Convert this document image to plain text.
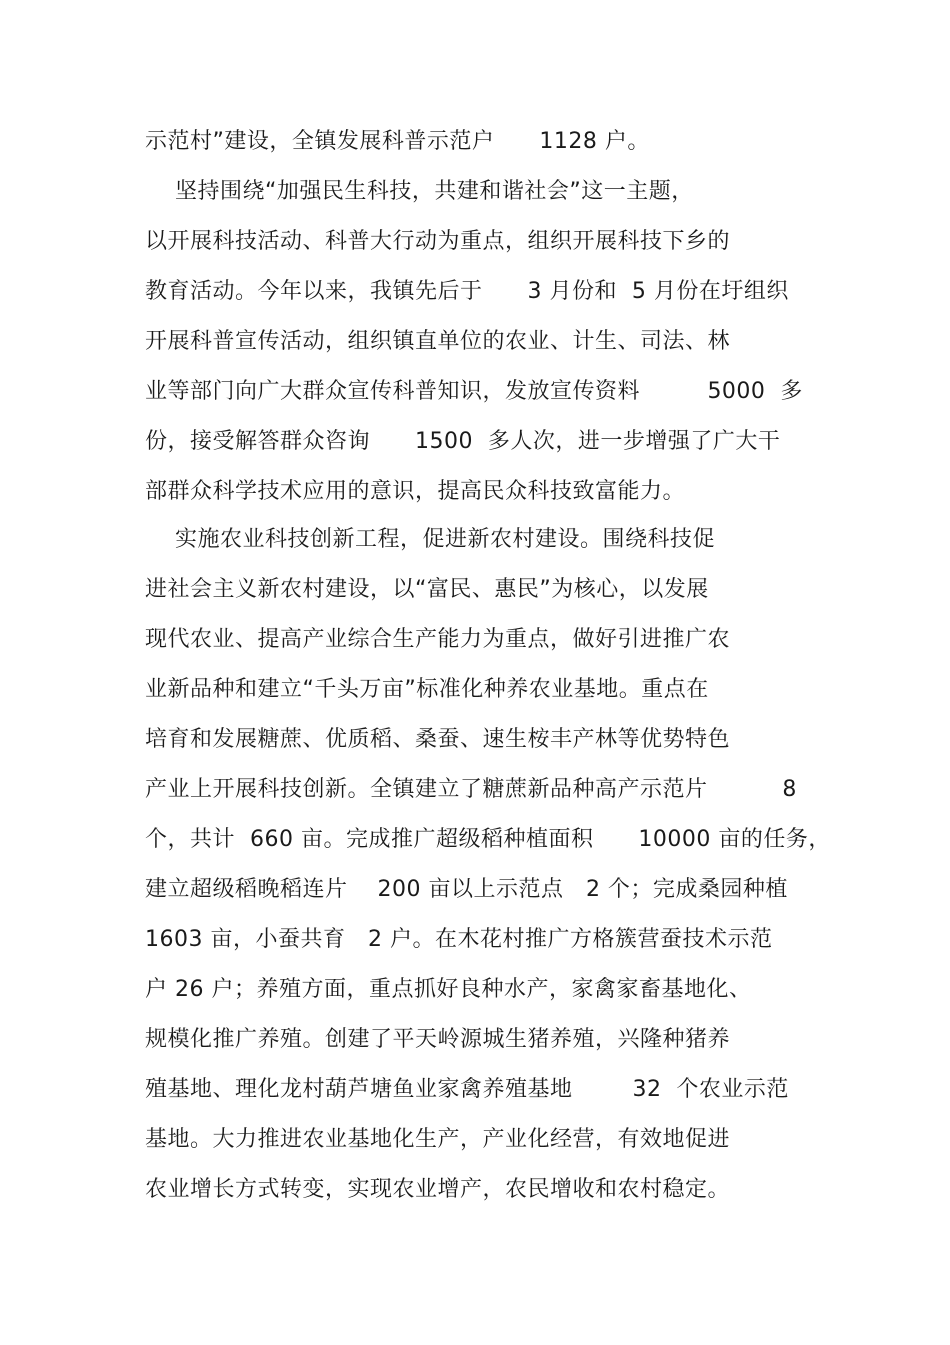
示范村”建设，全镇发展科普示范户      1128 户。
坚持围绕“加强民生科技，共建和谐社会”这一主题，
以开展科技活动、科普大行动为重点，组织开展科技下乡的
教育活动。今年以来，我镇先后于      3 月份和  5 月份在圩组织
开展科普宣传活动，组织镇直单位的农业、计生、司法、林
业等部门向广大群众宣传科普知识，发放宣传资料         5000  多
份，接受解答群众咨询      1500  多人次，进一步增强了广大干
部群众科学技术应用的意识，提高民众科技致富能力。
实施农业科技创新工程，促进新农村建设。围绕科技促
进社会主义新农村建设，以“富民、惠民”为核心，以发展
现代农业、提高产业综合生产能力为重点，做好引进推广农
业新品种和建立“千头万亩”标准化种养农业基地。重点在
培育和发展糖蔗、优质稻、桑蚕、速生桉丰产林等优势特色
产业上开展科技创新。全镇建立了糖蔗新品种高产示范片          8
个，共计  660 亩。完成推广超级稻种植面积      10000 亩的任务，
建立超级稻晚稻连片    200 亩以上示范点   2 个；完成桑园种植
1603 亩，小蚕共育   2 户。在木花村推广方格簇营蚕技术示范
户 26 户；养殖方面，重点抓好良种水产，家禽家畜基地化、
规模化推广养殖。创建了平天岭源城生猪养殖，兴隆种猪养
殖基地、理化龙村葫芦塘鱼业家禽养殖基地        32  个农业示范
基地。大力推进农业基地化生产，产业化经营，有效地促进
农业增长方式转变，实现农业增产，农民增收和农村稳定。
